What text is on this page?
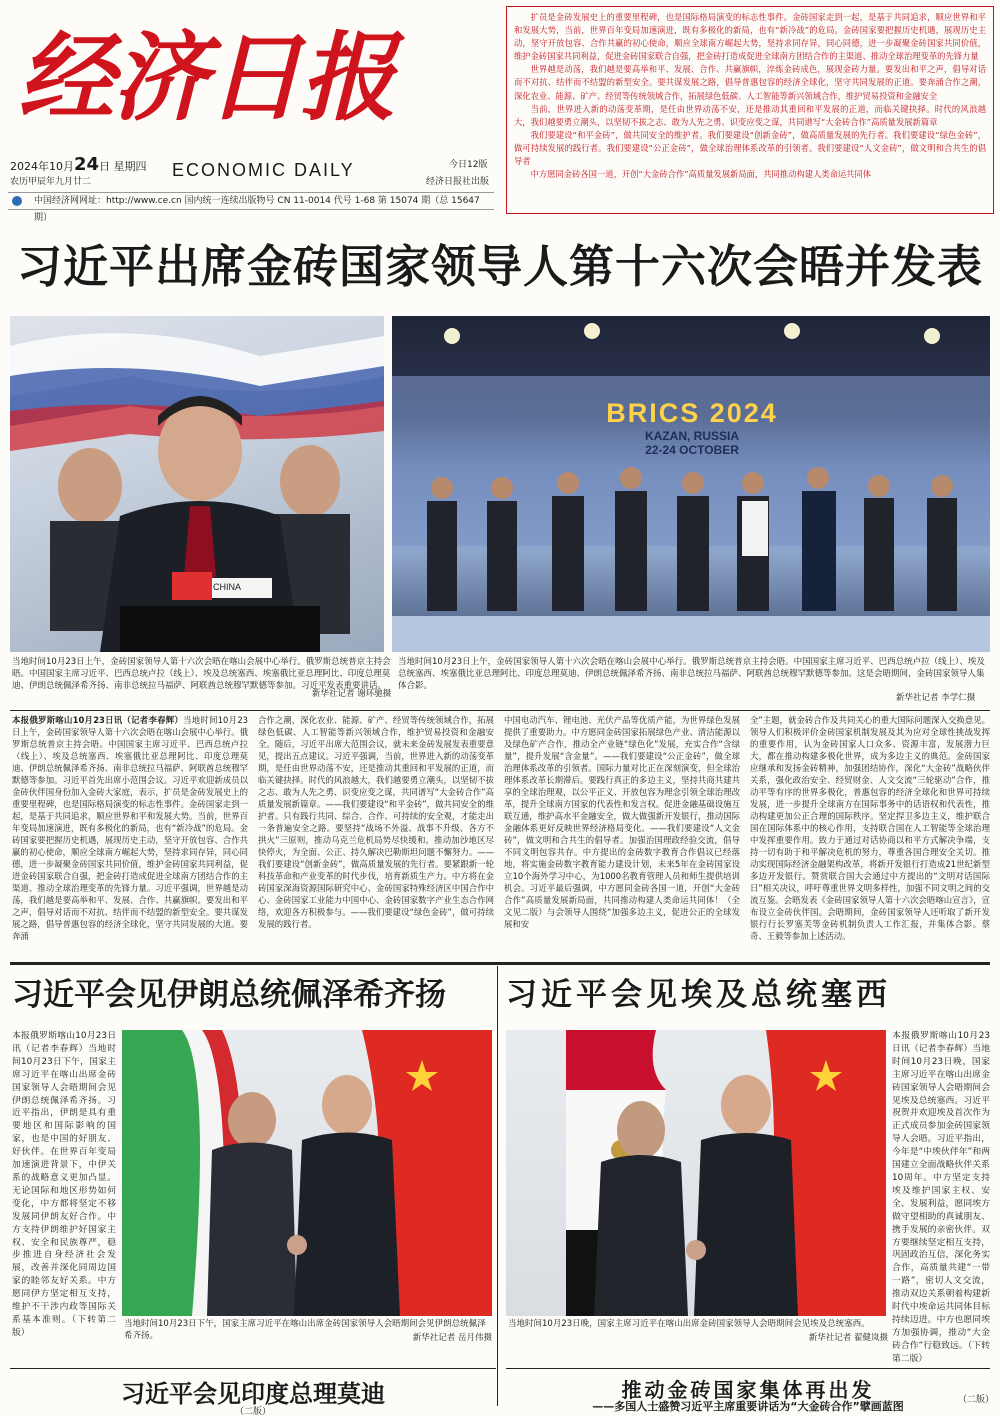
经济日报
2024年10月24日 星期四
农历甲辰年九月廿二
ECONOMIC DAILY	今日12版
经济日报社出版
中国经济网网址：http://www.ce.cn 国内统一连续出版物号 CN 11-0014 代号 1-68 第 15074 期（总 15647 期）

扩员是金砖发展史上的重要里程碑，也是国际格局演变的标志性事件。金砖国家走到一起，是基于共同追求，顺应世界和平和发展大势，当前，世界百年变局加速演进，既有多极化的新局，也有“新冷战”的危局。金砖国家要把握历史机遇，展现历史主动，坚守开放包容、合作共赢的初心使命，顺应全球南方崛起大势，坚持求同存异，同心同德，进一步凝聚金砖国家共同价值，维护金砖国家共同利益，促进金砖国家联合自强，把金砖打造成促进全球南方团结合作的主渠道、推动全球治理变革的先锋力量

世界越是动荡，我们越是要高举和平、发展、合作、共赢旗帜，淬炼金砖成色，展现金砖力量。要发出和平之声，倡导对话而不对抗、结伴而不结盟的新型安全。要共谋发展之路，倡导普惠包容的经济全球化，坚守共同发展的正道。要奔涌合作之潮，深化农业、能源、矿产、经贸等传统领域合作，拓展绿色低碳、人工智能等新兴领域合作，维护贸易投资和金融安全

当前，世界进入新的动荡变革期，是任由世界动荡不安，还是推动其重回和平发展的正道，而临关键抉择。时代的风浪越大，我们越要勇立潮头，以坚韧不拔之志、敢为人先之勇、识变应变之谋，共同谱写“大金砖合作”高质量发展新篇章

我们要建设“和平金砖”，做共同安全的维护者。我们要建设“创新金砖”，做高质量发展的先行者。我们要建设“绿色金砖”，做可持续发展的践行者。我们要建设“公正金砖”，做全球治理体系改革的引领者。我们要建设“人文金砖”，做文明和合共生的倡导者

中方愿同金砖各国一道，开创“大金砖合作”高质量发展新局面，共同推动构建人类命运共同体

习近平出席金砖国家领导人第十六次会晤并发表
CHINA
BRICS 2024
KAZAN, RUSSIA
22-24 OCTOBER
当地时间10月23日上午，金砖国家领导人第十六次会晤在喀山会展中心举行。俄罗斯总统普京主持会晤。中国国家主席习近平、巴西总统卢拉（线上）、埃及总统塞西、埃塞俄比亚总理阿比、印度总理莫迪、伊朗总统佩泽希齐扬、南非总统拉马福萨、阿联酋总统穆罕默德等参加。习近平发表重要讲话。
新华社记者 谢环驰摄
当地时间10月23日上午，金砖国家领导人第十六次会晤在喀山会展中心举行。俄罗斯总统普京主持会晤。中国国家主席习近平、巴西总统卢拉（线上）、埃及总统塞西、埃塞俄比亚总理阿比、印度总理莫迪、伊朗总统佩泽希齐扬、南非总统拉马福萨、阿联酋总统穆罕默德等参加。这是会晤期间，金砖国家领导人集体合影。
新华社记者 李学仁摄
本报俄罗斯喀山10月23日讯（记者李春辉）当地时间10月23日上午，金砖国家领导人第十六次会晤在喀山会展中心举行。俄罗斯总统普京主持会晤。中国国家主席习近平、巴西总统卢拉（线上）、埃及总统塞西、埃塞俄比亚总理阿比、印度总理莫迪、伊朗总统佩泽希齐扬、南非总统拉马福萨、阿联酋总统穆罕默德等参加。习近平首先出席小范围会议。习近平欢迎新成员以金砖伙伴国身份加入金砖大家庭，表示，扩员是金砖发展史上的重要里程碑，也是国际格局演变的标志性事件。金砖国家走到一起，是基于共同追求，顺应世界和平和发展大势。当前，世界百年变局加速演进，既有多极化的新局，也有“新冷战”的危局。金砖国家要把握历史机遇，展现历史主动，坚守开放包容、合作共赢的初心使命，顺应全球南方崛起大势，坚持求同存异，同心同德，进一步凝聚金砖国家共同价值，维护金砖国家共同利益，促进金砖国家联合自强，把金砖打造成促进全球南方团结合作的主渠道、推动全球治理变革的先锋力量。习近平强调，世界越是动荡，我们越是要高举和平、发展、合作、共赢旗帜。要发出和平之声，倡导对话而不对抗、结伴而不结盟的新型安全。要共谋发展之路，倡导普惠包容的经济全球化，坚守共同发展的大道。要奔涌
合作之潮，深化农业、能源、矿产、经贸等传统领域合作，拓展绿色低碳、人工智能等新兴领域合作，维护贸易投资和金融安全。随后，习近平出席大范围会议，就未来金砖发展发表重要意见，提出五点建议。习近平强调，当前，世界进入新的动荡变革期，是任由世界动荡不安，还是推动其重回和平发展的正道，而临关键抉择。时代的风浪越大，我们越要勇立潮头，以坚韧不拔之志、敢为人先之勇、识变应变之谋，共同谱写“大金砖合作”高质量发展新篇章。——我们要建设“和平金砖”，做共同安全的维护者。只有践行共同、综合、合作、可持续的安全观，才能走出一条普遍安全之路。要坚持“战场不外溢、战事不升级、各方不拱火”三原则，推动乌克兰危机局势尽快缓和。推动加沙地区尽快停火，为全面、公正、持久解决巴勒斯坦问题不懈努力。——我们要建设“创新金砖”，做高质量发展的先行者。要紧跟新一轮科技革命和产业变革的时代步伐，培育新质生产力。中方将在金砖国家深海资源国际研究中心、金砖国家特殊经济区中国合作中心、金砖国家工业能力中国中心、金砖国家数字产业生态合作网络，欢迎各方积极参与。——我们要建设“绿色金砖”，做可持续发展的践行者。
中国电动汽车、锂电池、光伏产品等优质产能，为世界绿色发展提供了重要助力。中方愿同金砖国家拓展绿色产业、清洁能源以及绿色矿产合作，推动全产业链“绿色化”发展，充实合作“含绿量”，提升发展“含金量”。——我们要建设“公正金砖”，做全球治理体系改革的引领者。国际力量对比正在深刻演变，但全球治理体系改革长期滞后。要践行真正的多边主义，坚持共商共建共享的全球治理观，以公平正义、开放包容为理念引领全球治理改革，提升全球南方国家的代表性和发言权。促进金融基础设施互联互通，维护高水平金融安全，做大做强新开发银行，推动国际金融体系更好反映世界经济格局变化。——我们要建设“人文金砖”，做文明和合共生的倡导者。加强治国理政经验交流，倡导不同文明包容共存。中方提出的金砖数字教育合作倡议已经落地，将实施金砖数字教育能力建设计划，未来5年在金砖国家设立10个海外学习中心，为1000名教育管理人员和师生提供培训机会。习近平最后强调，中方愿同金砖各国一道，开创“大金砖合作”高质量发展新局面，共同推动构建人类命运共同体！（全文见二版）与会领导人围绕“加强多边主义，促进公正的全球发展和安
全”主题，就金砖合作及共同关心的重大国际问题深入交换意见。领导人们积极评价金砖国家机制发展及其为应对全球性挑战发挥的重要作用，认为金砖国家人口众多、资源丰富，发展潜力巨大，都在推动构建多极化世界，成为多边主义的典范。金砖国家应继承和发扬金砖精神，加强团结协作，深化“大金砖”战略伙伴关系，强化政治安全、经贸财金、人文交流“三轮驱动”合作，推动平等有序的世界多极化，普惠包容的经济全球化和世界可持续发展，进一步提升全球南方在国际事务中的话语权和代表性，推动构建更加公正合理的国际秩序。坚定捍卫多边主义，维护联合国在国际体系中的核心作用，支持联合国在人工智能等全球治理中发挥重要作用。致力于通过对话协商以和平方式解决争端，支持一切有助于和平解决危机的努力，尊重各国合理安全关切。推动实现国际经济金融架构改革，将新开发银行打造成21世纪新型多边开发银行。赞赏联合国大会通过中方提出的“文明对话国际日”相关决议，呼吁尊重世界文明多样性，加强不同文明之间的交流互鉴。会晤发表《金砖国家领导人第十六次会晤喀山宣言》，宣布设立金砖伙伴国。会晤期间，金砖国家领导人还听取了新开发银行行长罗塞芙等金砖机制负责人工作汇报，并集体合影。蔡奇、王毅等参加上述活动。
习近平会见伊朗总统佩泽希齐扬
本报俄罗斯喀山10月23日讯（记者李春辉）当地时间10月23日下午，国家主席习近平在喀山出席金砖国家领导人会晤期间会见伊朗总统佩泽希齐扬。习近平指出，伊朗是具有重要地区和国际影响的国家，也是中国的好朋友、好伙伴。在世界百年变局加速演进背景下，中伊关系的战略意义更加凸显。无论国际和地区形势如何变化，中方都将坚定不移发展同伊朗友好合作。中方支持伊朗维护好国家主权、安全和民族尊严，稳步推进自身经济社会发展，改善并深化同周边国家的睦邻友好关系。中方愿同伊方坚定相互支持，维护不干涉内政等国际关系基本准则。（下转第二版）
当地时间10月23日下午，国家主席习近平在喀山出席金砖国家领导人会晤期间会见伊朗总统佩泽希齐扬。	新华社记者 岳月伟摄
习近平会见埃及总统塞西
本报俄罗斯喀山10月23日讯（记者李春辉）当地时间10月23日晚，国家主席习近平在喀山出席金砖国家领导人会晤期间会见埃及总统塞西。习近平祝贺并欢迎埃及首次作为正式成员参加金砖国家领导人会晤。习近平指出，今年是“中埃伙伴年”和两国建立全面战略伙伴关系10周年。中方坚定支持埃及维护国家主权、安全、发展利益，愿同埃方做守望相助的真诚朋友、携手发展的亲密伙伴。双方要继续坚定相互支持，巩固政治互信，深化务实合作，高质量共建“一带一路”，密切人文交流，推动双边关系朝着构建新时代中埃命运共同体目标持续迈进。中方也愿同埃方加强协调，推动“大金砖合作”行稳致远。（下转第二版）
当地时间10月23日晚，国家主席习近平在喀山出席金砖国家领导人会晤期间会见埃及总统塞西。
新华社记者 翟健岚摄
习近平会见印度总理莫迪
（二版）
推动金砖国家集体再出发
——多国人士盛赞习近平主席重要讲话为“大金砖合作”擘画蓝图	（二版）
